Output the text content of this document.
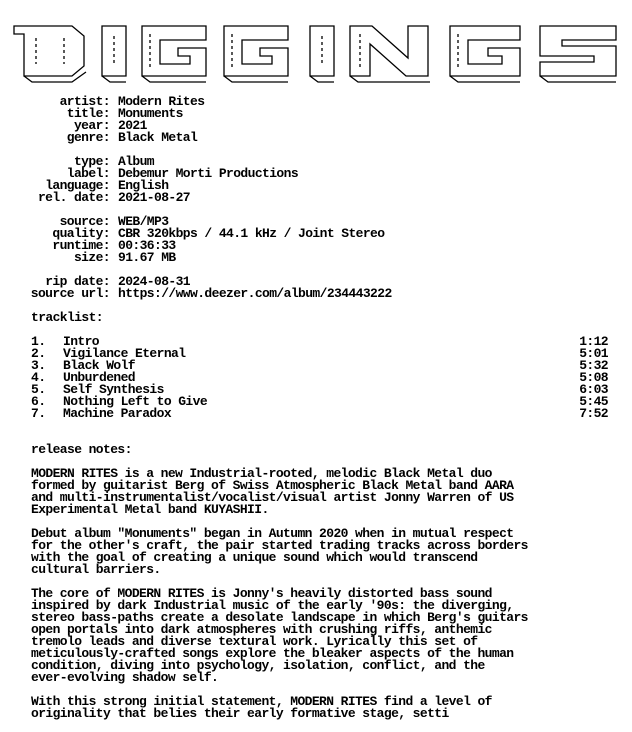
artist: Modern Rites
title: Monuments
year: 2021
genre: Black Metal
type: Album
label: Debemur Morti Productions
language: English
rel. date: 2021-08-27
source: WEB/MP3
quality: CBR 320kbps / 44.1 kHz / Joint Stereo
runtime: 00:36:33
size: 91.67 MB
rip date: 2024-08-31
source url: https://www.deezer.com/album/234443222
tracklist:
1.	Intro	1:12
2.	Vigilance Eternal	5:01
3.	Black Wolf	5:32
4.	Unburdened	5:08
5.	Self Synthesis	6:03
6.	Nothing Left to Give	5:45
7.	Machine Paradox	7:52
release notes:
MODERN RITES is a new Industrial-rooted, melodic Black Metal duo
formed by guitarist Berg of Swiss Atmospheric Black Metal band AARA
and multi-instrumentalist/vocalist/visual artist Jonny Warren of US
Experimental Metal band KUYASHII.
Debut album "Monuments" began in Autumn 2020 when in mutual respect
for the other's craft, the pair started trading tracks across borders
with the goal of creating a unique sound which would transcend
cultural barriers.
The core of MODERN RITES is Jonny's heavily distorted bass sound
inspired by dark Industrial music of the early '90s: the diverging,
stereo bass-paths create a desolate landscape in which Berg's guitars
open portals into dark atmospheres with crushing riffs, anthemic
tremolo leads and diverse textural work. Lyrically this set of
meticulously-crafted songs explore the bleaker aspects of the human
condition, diving into psychology, isolation, conflict, and the
ever-evolving shadow self.
With this strong initial statement, MODERN RITES find a level of
originality that belies their early formative stage, setti
